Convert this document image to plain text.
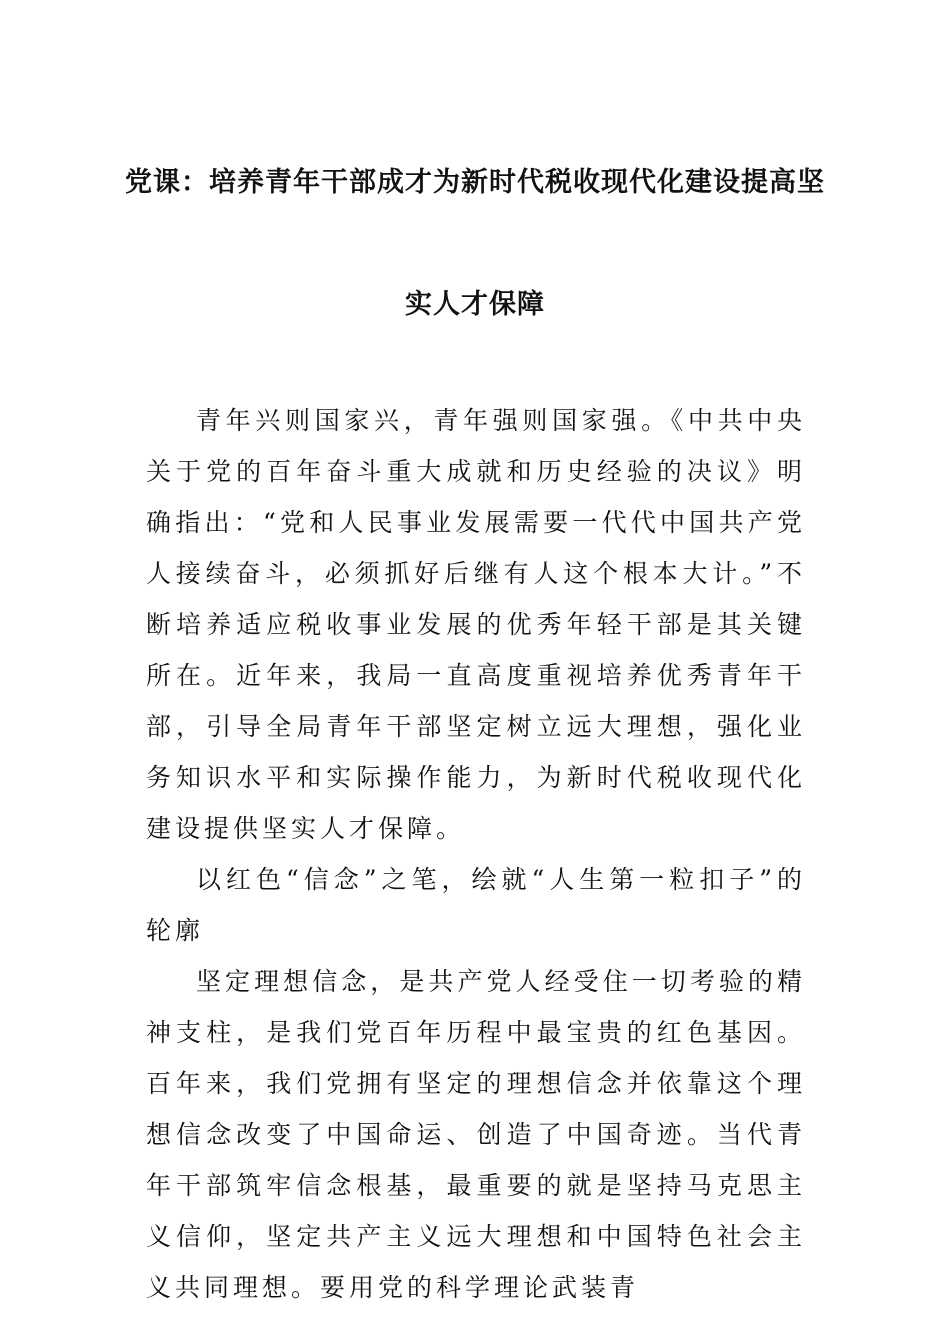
党课：培养青年干部成才为新时代税收现代化建设提高坚
实人才保障

青年兴则国家兴，青年强则国家强。《中共中央关于党的百年奋斗重大成就和历史经验的决议》明确指出：“党和人民事业发展需要一代代中国共产党人接续奋斗，必须抓好后继有人这个根本大计。”不断培养适应税收事业发展的优秀年轻干部是其关键所在。近年来，我局一直高度重视培养优秀青年干部，引导全局青年干部坚定树立远大理想，强化业务知识水平和实际操作能力，为新时代税收现代化建设提供坚实人才保障。

以红色“信念”之笔，绘就“人生第一粒扣子”的轮廓

坚定理想信念，是共产党人经受住一切考验的精神支柱，是我们党百年历程中最宝贵的红色基因。百年来，我们党拥有坚定的理想信念并依靠这个理想信念改变了中国命运、创造了中国奇迹。当代青年干部筑牢信念根基，最重要的就是坚持马克思主义信仰，坚定共产主义远大理想和中国特色社会主义共同理想。要用党的科学理论武装青
